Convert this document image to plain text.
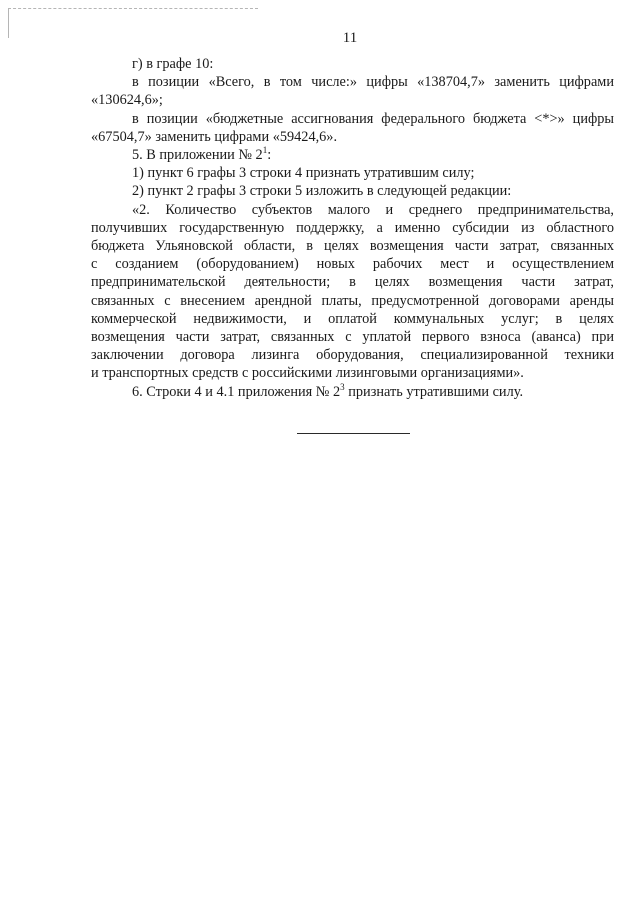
11
г) в графе 10:
в позиции «Всего, в том числе:» цифры «138704,7» заменить цифрами
«130624,6»;
в позиции «бюджетные ассигнования федерального бюджета <*>» цифры
«67504,7» заменить цифрами «59424,6».
5. В приложении № $2^1$:
1) пункт 6 графы 3 строки 4 признать утратившим силу;
2) пункт 2 графы 3 строки 5 изложить в следующей редакции:
«2. Количество субъектов малого и среднего предпринимательства,
получивших государственную поддержку, а именно субсидии из областного
бюджета Ульяновской области, в целях возмещения части затрат, связанных
с созданием (оборудованием) новых рабочих мест и осуществлением
предпринимательской деятельности; в целях возмещения части затрат,
связанных с внесением арендной платы, предусмотренной договорами аренды
коммерческой недвижимости, и оплатой коммунальных услуг; в целях
возмещения части затрат, связанных с уплатой первого взноса (аванса) при
заключении договора лизинга оборудования, специализированной техники
и транспортных средств с российскими лизинговыми организациями».
6. Строки 4 и 4.1 приложения № $2^3$ признать утратившими силу.
